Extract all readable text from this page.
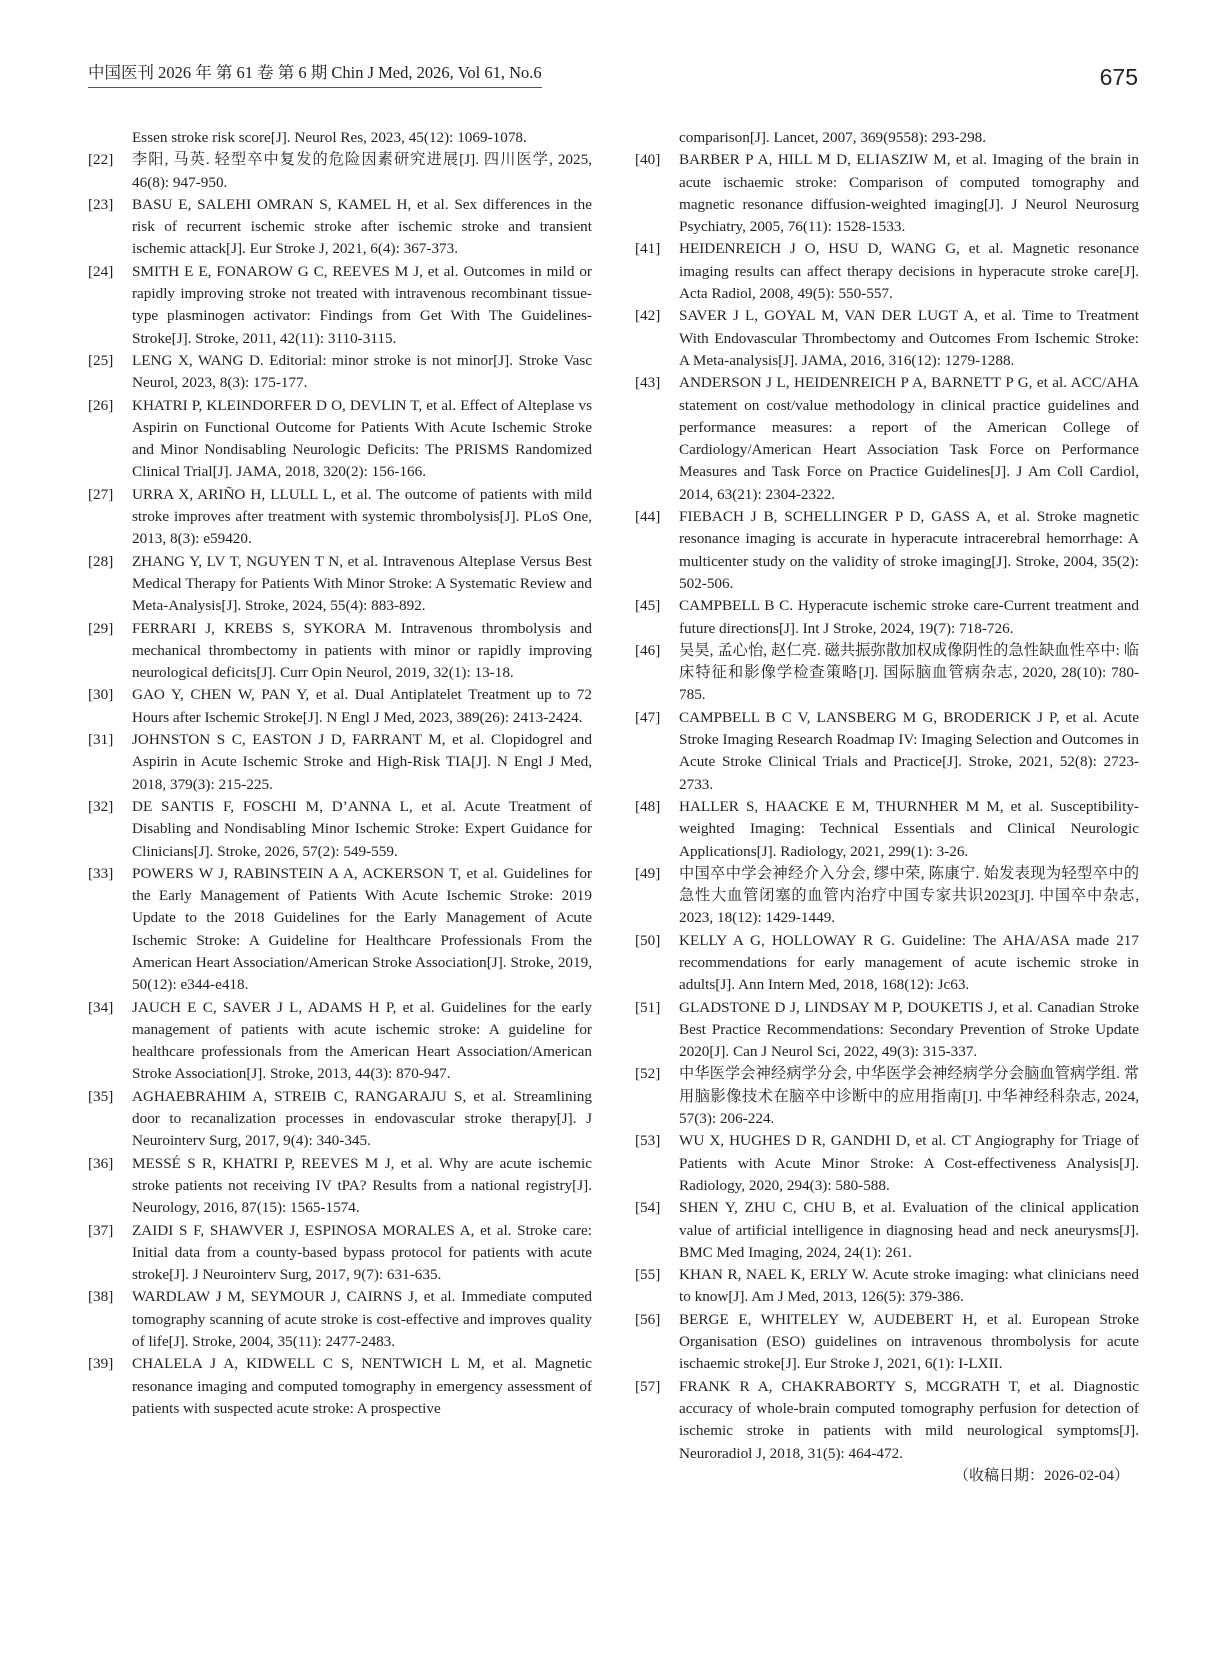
中国医刊 2026 年 第 61 卷 第 6 期 Chin J Med, 2026, Vol 61, No.6	675
Essen stroke risk score[J]. Neurol Res, 2023, 45(12): 1069-1078.
[22] 李阳, 马英. 轻型卒中复发的危险因素研究进展[J]. 四川医学, 2025, 46(8): 947-950.
[23] BASU E, SALEHI OMRAN S, KAMEL H, et al. Sex differences in the risk of recurrent ischemic stroke after ischemic stroke and transient ischemic attack[J]. Eur Stroke J, 2021, 6(4): 367-373.
[24] SMITH E E, FONAROW G C, REEVES M J, et al. Outcomes in mild or rapidly improving stroke not treated with intravenous recombinant tissue-type plasminogen activator: Findings from Get With The Guidelines-Stroke[J]. Stroke, 2011, 42(11): 3110-3115.
[25] LENG X, WANG D. Editorial: minor stroke is not minor[J]. Stroke Vasc Neurol, 2023, 8(3): 175-177.
[26] KHATRI P, KLEINDORFER D O, DEVLIN T, et al. Effect of Alteplase vs Aspirin on Functional Outcome for Patients With Acute Ischemic Stroke and Minor Nondisabling Neurologic Deficits: The PRISMS Randomized Clinical Trial[J]. JAMA, 2018, 320(2): 156-166.
[27] URRA X, ARIÑO H, LLULL L, et al. The outcome of patients with mild stroke improves after treatment with systemic thrombolysis[J]. PLoS One, 2013, 8(3): e59420.
[28] ZHANG Y, LV T, NGUYEN T N, et al. Intravenous Alteplase Versus Best Medical Therapy for Patients With Minor Stroke: A Systematic Review and Meta-Analysis[J]. Stroke, 2024, 55(4): 883-892.
[29] FERRARI J, KREBS S, SYKORA M. Intravenous thrombolysis and mechanical thrombectomy in patients with minor or rapidly improving neurological deficits[J]. Curr Opin Neurol, 2019, 32(1): 13-18.
[30] GAO Y, CHEN W, PAN Y, et al. Dual Antiplatelet Treatment up to 72 Hours after Ischemic Stroke[J]. N Engl J Med, 2023, 389(26): 2413-2424.
[31] JOHNSTON S C, EASTON J D, FARRANT M, et al. Clopidogrel and Aspirin in Acute Ischemic Stroke and High-Risk TIA[J]. N Engl J Med, 2018, 379(3): 215-225.
[32] DE SANTIS F, FOSCHI M, D’ANNA L, et al. Acute Treatment of Disabling and Nondisabling Minor Ischemic Stroke: Expert Guidance for Clinicians[J]. Stroke, 2026, 57(2): 549-559.
[33] POWERS W J, RABINSTEIN A A, ACKERSON T, et al. Guidelines for the Early Management of Patients With Acute Ischemic Stroke: 2019 Update to the 2018 Guidelines for the Early Management of Acute Ischemic Stroke: A Guideline for Healthcare Professionals From the American Heart Association/American Stroke Association[J]. Stroke, 2019, 50(12): e344-e418.
[34] JAUCH E C, SAVER J L, ADAMS H P, et al. Guidelines for the early management of patients with acute ischemic stroke: A guideline for healthcare professionals from the American Heart Association/American Stroke Association[J]. Stroke, 2013, 44(3): 870-947.
[35] AGHAEBRAHIM A, STREIB C, RANGARAJU S, et al. Streamlining door to recanalization processes in endovascular stroke therapy[J]. J Neurointerv Surg, 2017, 9(4): 340-345.
[36] MESSÉ S R, KHATRI P, REEVES M J, et al. Why are acute ischemic stroke patients not receiving IV tPA? Results from a national registry[J]. Neurology, 2016, 87(15): 1565-1574.
[37] ZAIDI S F, SHAWVER J, ESPINOSA MORALES A, et al. Stroke care: Initial data from a county-based bypass protocol for patients with acute stroke[J]. J Neurointerv Surg, 2017, 9(7): 631-635.
[38] WARDLAW J M, SEYMOUR J, CAIRNS J, et al. Immediate computed tomography scanning of acute stroke is cost-effective and improves quality of life[J]. Stroke, 2004, 35(11): 2477-2483.
[39] CHALELA J A, KIDWELL C S, NENTWICH L M, et al. Magnetic resonance imaging and computed tomography in emergency assessment of patients with suspected acute stroke: A prospective
comparison[J]. Lancet, 2007, 369(9558): 293-298.
[40] BARBER P A, HILL M D, ELIASZIW M, et al. Imaging of the brain in acute ischaemic stroke: Comparison of computed tomography and magnetic resonance diffusion-weighted imaging[J]. J Neurol Neurosurg Psychiatry, 2005, 76(11): 1528-1533.
[41] HEIDENREICH J O, HSU D, WANG G, et al. Magnetic resonance imaging results can affect therapy decisions in hyperacute stroke care[J]. Acta Radiol, 2008, 49(5): 550-557.
[42] SAVER J L, GOYAL M, VAN DER LUGT A, et al. Time to Treatment With Endovascular Thrombectomy and Outcomes From Ischemic Stroke: A Meta-analysis[J]. JAMA, 2016, 316(12): 1279-1288.
[43] ANDERSON J L, HEIDENREICH P A, BARNETT P G, et al. ACC/AHA statement on cost/value methodology in clinical practice guidelines and performance measures: a report of the American College of Cardiology/American Heart Association Task Force on Performance Measures and Task Force on Practice Guidelines[J]. J Am Coll Cardiol, 2014, 63(21): 2304-2322.
[44] FIEBACH J B, SCHELLINGER P D, GASS A, et al. Stroke magnetic resonance imaging is accurate in hyperacute intracerebral hemorrhage: A multicenter study on the validity of stroke imaging[J]. Stroke, 2004, 35(2): 502-506.
[45] CAMPBELL B C. Hyperacute ischemic stroke care-Current treatment and future directions[J]. Int J Stroke, 2024, 19(7): 718-726.
[46] 吴昊, 孟心怡, 赵仁亮. 磁共振弥散加权成像阴性的急性缺血性卒中: 临床特征和影像学检查策略[J]. 国际脑血管病杂志, 2020, 28(10): 780-785.
[47] CAMPBELL B C V, LANSBERG M G, BRODERICK J P, et al. Acute Stroke Imaging Research Roadmap IV: Imaging Selection and Outcomes in Acute Stroke Clinical Trials and Practice[J]. Stroke, 2021, 52(8): 2723-2733.
[48] HALLER S, HAACKE E M, THURNHER M M, et al. Susceptibility-weighted Imaging: Technical Essentials and Clinical Neurologic Applications[J]. Radiology, 2021, 299(1): 3-26.
[49] 中国卒中学会神经介入分会, 缪中荣, 陈康宁. 始发表现为轻型卒中的急性大血管闭塞的血管内治疗中国专家共识2023[J]. 中国卒中杂志, 2023, 18(12): 1429-1449.
[50] KELLY A G, HOLLOWAY R G. Guideline: The AHA/ASA made 217 recommendations for early management of acute ischemic stroke in adults[J]. Ann Intern Med, 2018, 168(12): Jc63.
[51] GLADSTONE D J, LINDSAY M P, DOUKETIS J, et al. Canadian Stroke Best Practice Recommendations: Secondary Prevention of Stroke Update 2020[J]. Can J Neurol Sci, 2022, 49(3): 315-337.
[52] 中华医学会神经病学分会, 中华医学会神经病学分会脑血管病学组. 常用脑影像技术在脑卒中诊断中的应用指南[J]. 中华神经科杂志, 2024, 57(3): 206-224.
[53] WU X, HUGHES D R, GANDHI D, et al. CT Angiography for Triage of Patients with Acute Minor Stroke: A Cost-effectiveness Analysis[J]. Radiology, 2020, 294(3): 580-588.
[54] SHEN Y, ZHU C, CHU B, et al. Evaluation of the clinical application value of artificial intelligence in diagnosing head and neck aneurysms[J]. BMC Med Imaging, 2024, 24(1): 261.
[55] KHAN R, NAEL K, ERLY W. Acute stroke imaging: what clinicians need to know[J]. Am J Med, 2013, 126(5): 379-386.
[56] BERGE E, WHITELEY W, AUDEBERT H, et al. European Stroke Organisation (ESO) guidelines on intravenous thrombolysis for acute ischaemic stroke[J]. Eur Stroke J, 2021, 6(1): I-LXII.
[57] FRANK R A, CHAKRABORTY S, MCGRATH T, et al. Diagnostic accuracy of whole-brain computed tomography perfusion for detection of ischemic stroke in patients with mild neurological symptoms[J]. Neuroradiol J, 2018, 31(5): 464-472.
（收稿日期：2026-02-04）
